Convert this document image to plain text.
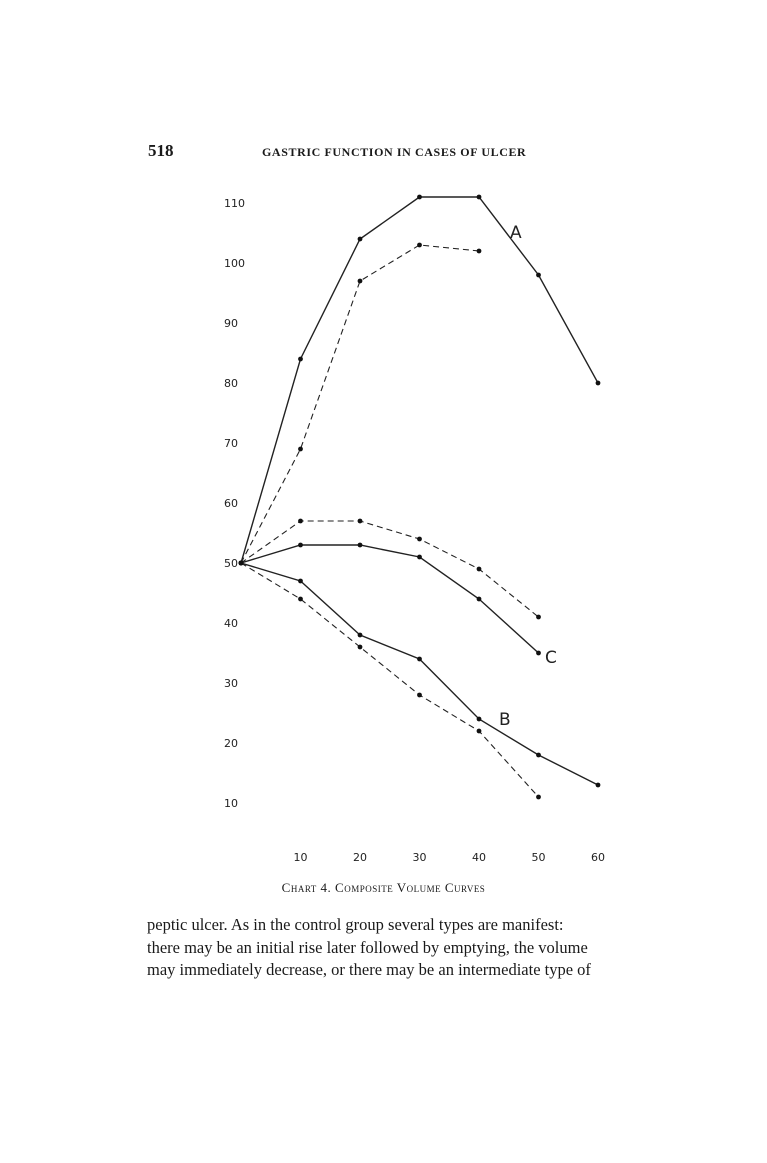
518	GASTRIC FUNCTION IN CASES OF ULCER
10
20
30
40
50
60
70
80
90
100
110
10	20	30	40	50	60
A
C
B
Chart 4. Composite Volume Curves
peptic ulcer. As in the control group several types are manifest:
there may be an initial rise later followed by emptying, the volume
may immediately decrease, or there may be an intermediate type of
